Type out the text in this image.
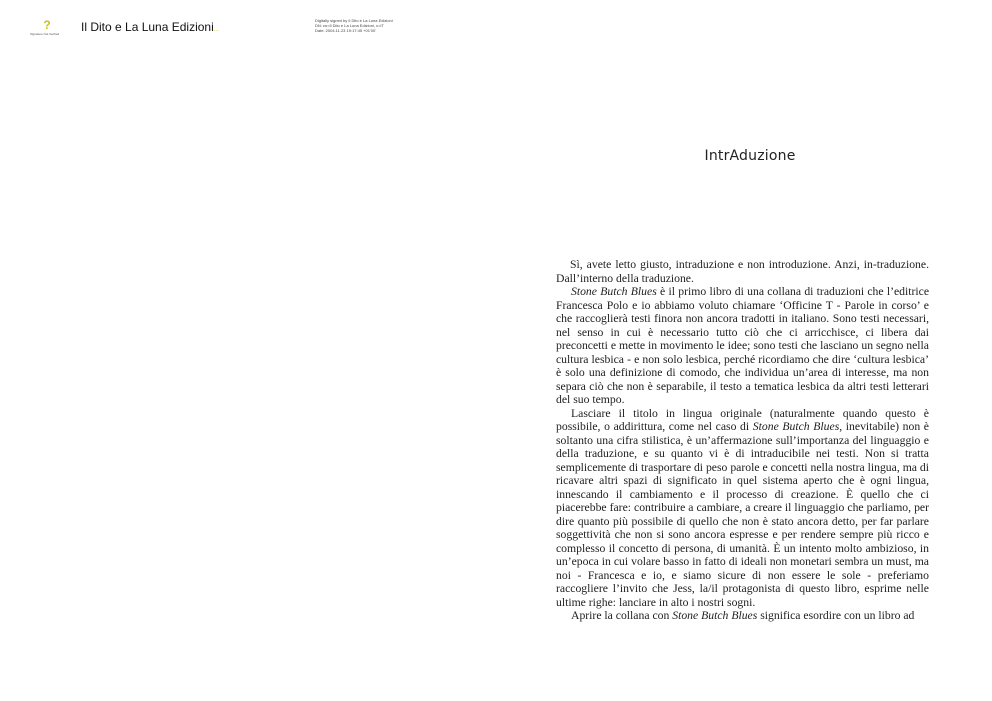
?
Signature Not Verified	Il Dito e La Luna Edizioni...
Digitally signed by Il Dito e La Luna Edizioni
DN: cn=Il Dito e La Luna Edizioni, c=IT
Date: 2004.11.23 19:17:45 +01'00'
IntrAduzione

Sì, avete letto giusto, intraduzione e non introduzione. Anzi, in-traduzione. Dall’interno della traduzione.

Stone Butch Blues è il primo libro di una collana di traduzioni che l’editrice Francesca Polo e io abbiamo voluto chiamare ‘Officine T - Parole in corso’ e che raccoglierà testi finora non ancora tradotti in italiano. Sono testi necessari, nel senso in cui è necessario tutto ciò che ci arricchisce, ci libera dai preconcetti e mette in movimento le idee; sono testi che lasciano un segno nella cultura lesbica - e non solo lesbica, perché ricordiamo che dire ‘cultura lesbica’ è solo una definizione di comodo, che individua un’area di interesse, ma non separa ciò che non è separabile, il testo a tematica lesbica da altri testi letterari del suo tempo.

Lasciare il titolo in lingua originale (naturalmente quando questo è possibile, o addirittura, come nel caso di Stone Butch Blues, inevitabile) non è soltanto una cifra stilistica, è un’affermazione sull’importanza del linguaggio e della traduzione, e su quanto vi è di intraducibile nei testi. Non si tratta semplicemente di trasportare di peso parole e concetti nella nostra lingua, ma di ricavare altri spazi di significato in quel sistema aperto che è ogni lingua, innescando il cambiamento e il processo di creazione. È quello che ci piacerebbe fare: contribuire a cambiare, a creare il linguaggio che parliamo, per dire quanto più possibile di quello che non è stato ancora detto, per far parlare soggettività che non si sono ancora espresse e per rendere sempre più ricco e complesso il concetto di persona, di umanità. È un intento molto ambizioso, in un’epoca in cui volare basso in fatto di ideali non monetari sembra un must, ma noi - Francesca e io, e siamo sicure di non essere le sole - preferiamo raccogliere l’invito che Jess, la/il protagonista di questo libro, esprime nelle ultime righe: lanciare in alto i nostri sogni.

Aprire la collana con Stone Butch Blues significa esordire con un libro ad
